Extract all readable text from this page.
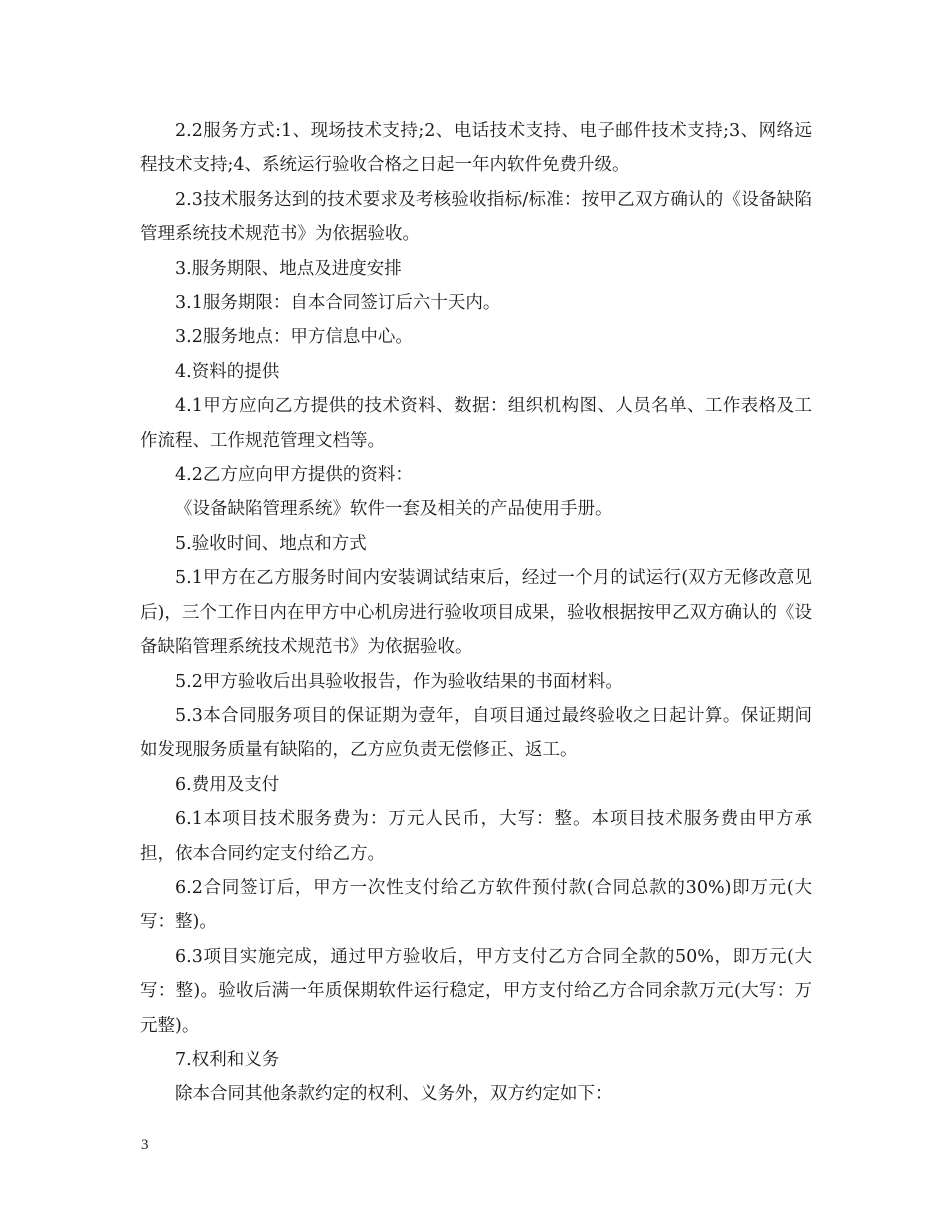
2.2服务方式:1、现场技术支持;2、电话技术支持、电子邮件技术支持;3、网络远程技术支持;4、系统运行验收合格之日起一年内软件免费升级。

2.3技术服务达到的技术要求及考核验收指标/标准：按甲乙双方确认的《设备缺陷管理系统技术规范书》为依据验收。

3.服务期限、地点及进度安排

3.1服务期限：自本合同签订后六十天内。

3.2服务地点：甲方信息中心。

4.资料的提供

4.1甲方应向乙方提供的技术资料、数据：组织机构图、人员名单、工作表格及工作流程、工作规范管理文档等。

4.2乙方应向甲方提供的资料：

《设备缺陷管理系统》软件一套及相关的产品使用手册。

5.验收时间、地点和方式

5.1甲方在乙方服务时间内安装调试结束后，经过一个月的试运行(双方无修改意见后)，三个工作日内在甲方中心机房进行验收项目成果，验收根据按甲乙双方确认的《设备缺陷管理系统技术规范书》为依据验收。

5.2甲方验收后出具验收报告，作为验收结果的书面材料。

5.3本合同服务项目的保证期为壹年，自项目通过最终验收之日起计算。保证期间如发现服务质量有缺陷的，乙方应负责无偿修正、返工。

6.费用及支付

6.1本项目技术服务费为：万元人民币，大写：整。本项目技术服务费由甲方承担，依本合同约定支付给乙方。

6.2合同签订后，甲方一次性支付给乙方软件预付款(合同总款的30%)即万元(大写：整)。

6.3项目实施完成，通过甲方验收后，甲方支付乙方合同全款的50%，即万元(大写：整)。验收后满一年质保期软件运行稳定，甲方支付给乙方合同余款万元(大写：万元整)。

7.权利和义务

除本合同其他条款约定的权利、义务外，双方约定如下：

3
